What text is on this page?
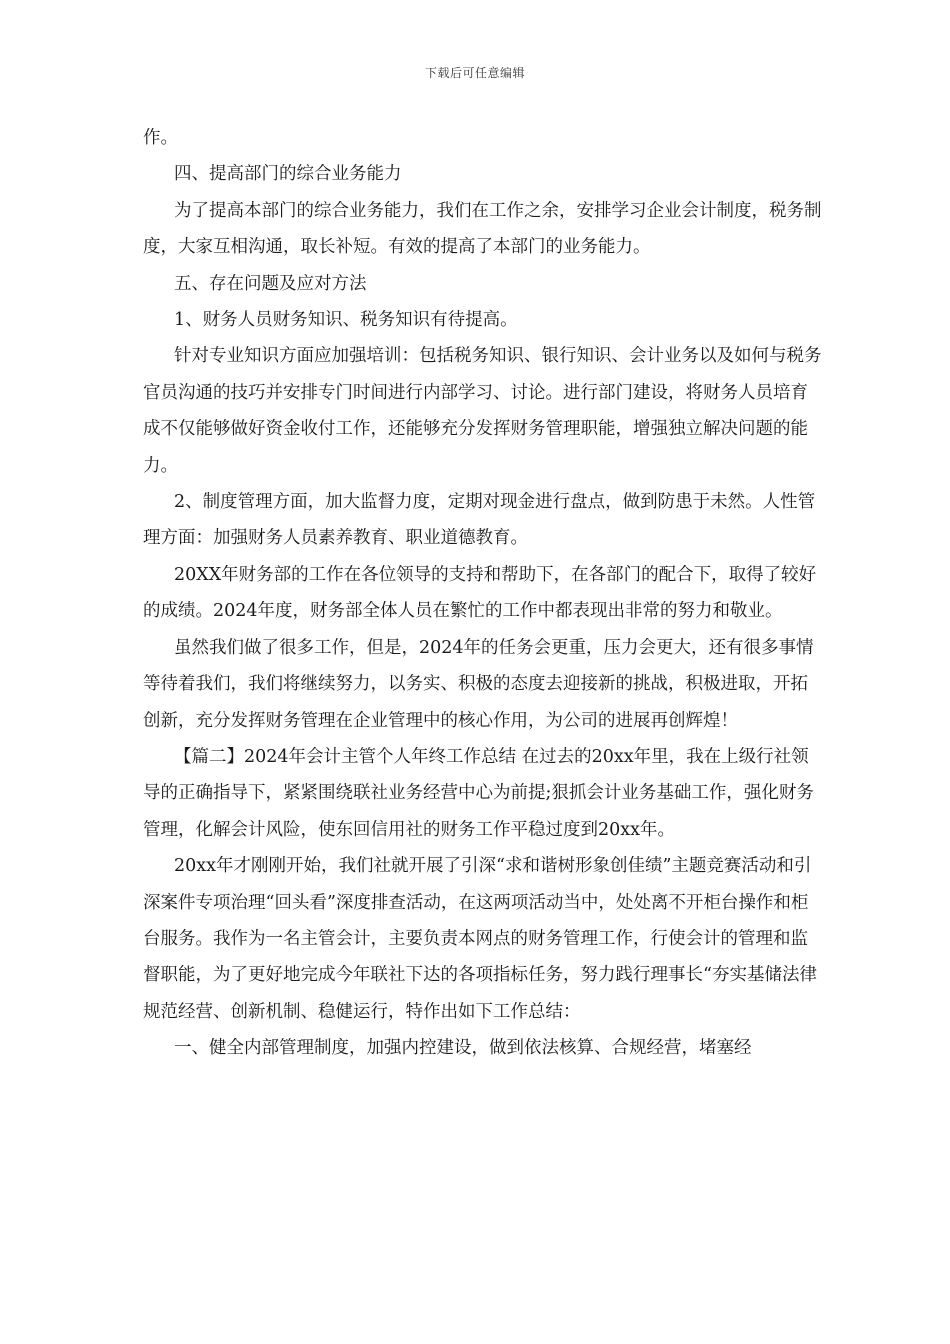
下载后可任意编辑

作。

四、提高部门的综合业务能力

为了提高本部门的综合业务能力，我们在工作之余，安排学习企业会计制度，税务制度，大家互相沟通，取长补短。有效的提高了本部门的业务能力。

五、存在问题及应对方法

1、财务人员财务知识、税务知识有待提高。

针对专业知识方面应加强培训：包括税务知识、银行知识、会计业务以及如何与税务官员沟通的技巧并安排专门时间进行内部学习、讨论。进行部门建设，将财务人员培育成不仅能够做好资金收付工作，还能够充分发挥财务管理职能，增强独立解决问题的能力。

2、制度管理方面，加大监督力度，定期对现金进行盘点，做到防患于未然。人性管理方面：加强财务人员素养教育、职业道德教育。

20XX年财务部的工作在各位领导的支持和帮助下，在各部门的配合下，取得了较好的成绩。2024年度，财务部全体人员在繁忙的工作中都表现出非常的努力和敬业。

虽然我们做了很多工作，但是，2024年的任务会更重，压力会更大，还有很多事情等待着我们，我们将继续努力，以务实、积极的态度去迎接新的挑战，积极进取，开拓创新，充分发挥财务管理在企业管理中的核心作用，为公司的进展再创辉煌！

【篇二】2024年会计主管个人年终工作总结 在过去的20xx年里，我在上级行社领导的正确指导下，紧紧围绕联社业务经营中心为前提;狠抓会计业务基础工作，强化财务管理，化解会计风险，使东回信用社的财务工作平稳过度到20xx年。

20xx年才刚刚开始，我们社就开展了引深“求和谐树形象创佳绩”主题竞赛活动和引深案件专项治理“回头看”深度排查活动，在这两项活动当中，处处离不开柜台操作和柜台服务。我作为一名主管会计，主要负责本网点的财务管理工作，行使会计的管理和监督职能，为了更好地完成今年联社下达的各项指标任务，努力践行理事长“夯实基储法律规范经营、创新机制、稳健运行，特作出如下工作总结：

一、健全内部管理制度，加强内控建设，做到依法核算、合规经营，堵塞经
